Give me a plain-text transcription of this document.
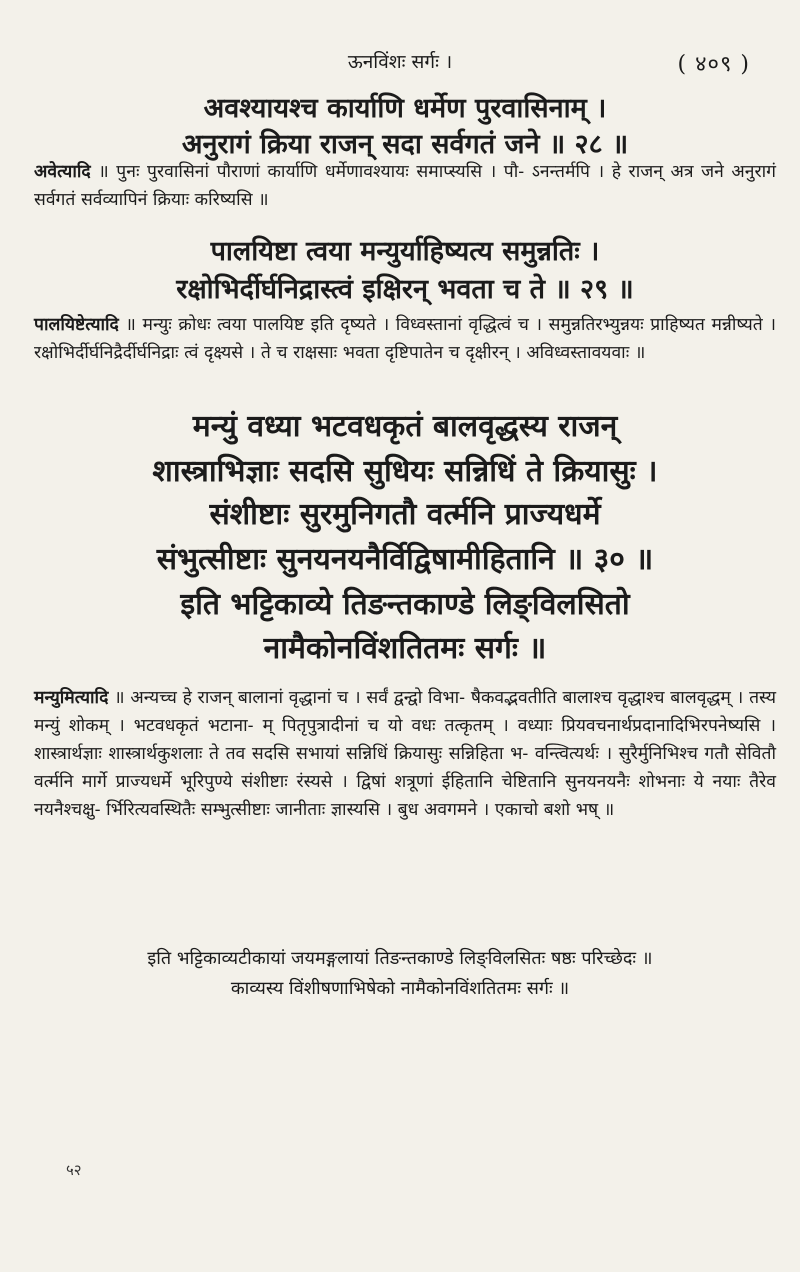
ऊनविंशः सर्गः ।	( ४०९ )
अवश्यायश्च कार्याणि धर्मेण पुरवासिनाम् ।
अनुरागं क्रिया राजन् सदा सर्वगतं जने ॥ २८ ॥
अवेत्यादि ॥ पुनः पुरवासिनां पौराणां कार्याणि धर्मेणावश्यायः समाप्स्यसि । पौ- ऽनन्तर्मपि । हे राजन् अत्र जने अनुरागं सर्वगतं सर्वव्यापिनं क्रियाः करिष्यसि ॥
पालयिष्टा त्वया मन्युर्याहिष्यत्य समुन्नतिः ।
रक्षोभिर्दीर्घनिद्रास्त्वं इक्षिरन् भवता च ते ॥ २९ ॥
पालयिष्टेत्यादि ॥ मन्युः क्रोधः त्वया पालयिष्ट इति दृष्यते । विध्वस्तानां वृद्धित्वं च । समुन्नतिरभ्युन्नयः प्राहिष्यत मन्नीष्यते । रक्षोभिर्दीर्घनिद्रैर्दीर्घनिद्राः त्वं दृक्ष्यसे । ते च राक्षसाः भवता दृष्टिपातेन च दृक्षीरन् । अविध्वस्तावयवाः ॥
मन्युं वध्या भटवधकृतं बालवृद्धस्य राजन्
शास्त्राभिज्ञाः सदसि सुधियः सन्निधिं ते क्रियासुः ।
संशीष्टाः सुरमुनिगतौ वर्त्मनि प्राज्यधर्मे
संभुत्सीष्टाः सुनयनयनैर्विद्विषामीहितानि ॥ ३० ॥
इति भट्टिकाव्ये तिङन्तकाण्डे लिङ्विलसितो
नामैकोनविंशतितमः सर्गः ॥
मन्युमित्यादि ॥ अन्यच्च हे राजन् बालानां वृद्धानां च । सर्वं द्वन्द्वो विभा- षैकवद्भवतीति बालाश्च वृद्धाश्च बालवृद्धम् । तस्य मन्युं शोकम् । भटवधकृतं भटाना- म् पितृपुत्रादीनां च यो वधः तत्कृतम् । वध्याः प्रियवचनार्थप्रदानादिभिरपनेष्यसि । शास्त्रार्थज्ञाः शास्त्रार्थकुशलाः ते तव सदसि सभायां सन्निधिं क्रियासुः सन्निहिता भ- वन्त्वित्यर्थः । सुरैर्मुनिभिश्च गतौ सेवितौ वर्त्मनि मार्गे प्राज्यधर्मे भूरिपुण्ये संशीष्टाः रंस्यसे । द्विषां शत्रूणां ईहितानि चेष्टितानि सुनयनयनैः शोभनाः ये नयाः तैरेव नयनैश्चक्षु- र्भिरित्यवस्थितैः सम्भुत्सीष्टाः जानीताः ज्ञास्यसि । बुध अवगमने । एकाचो बशो भष् ॥
इति भट्टिकाव्यटीकायां जयमङ्गलायां तिङन्तकाण्डे लिङ्विलसितः षष्ठः परिच्छेदः ॥
काव्यस्य विंशीषणाभिषेको नामैकोनविंशतितमः सर्गः ॥
५२
